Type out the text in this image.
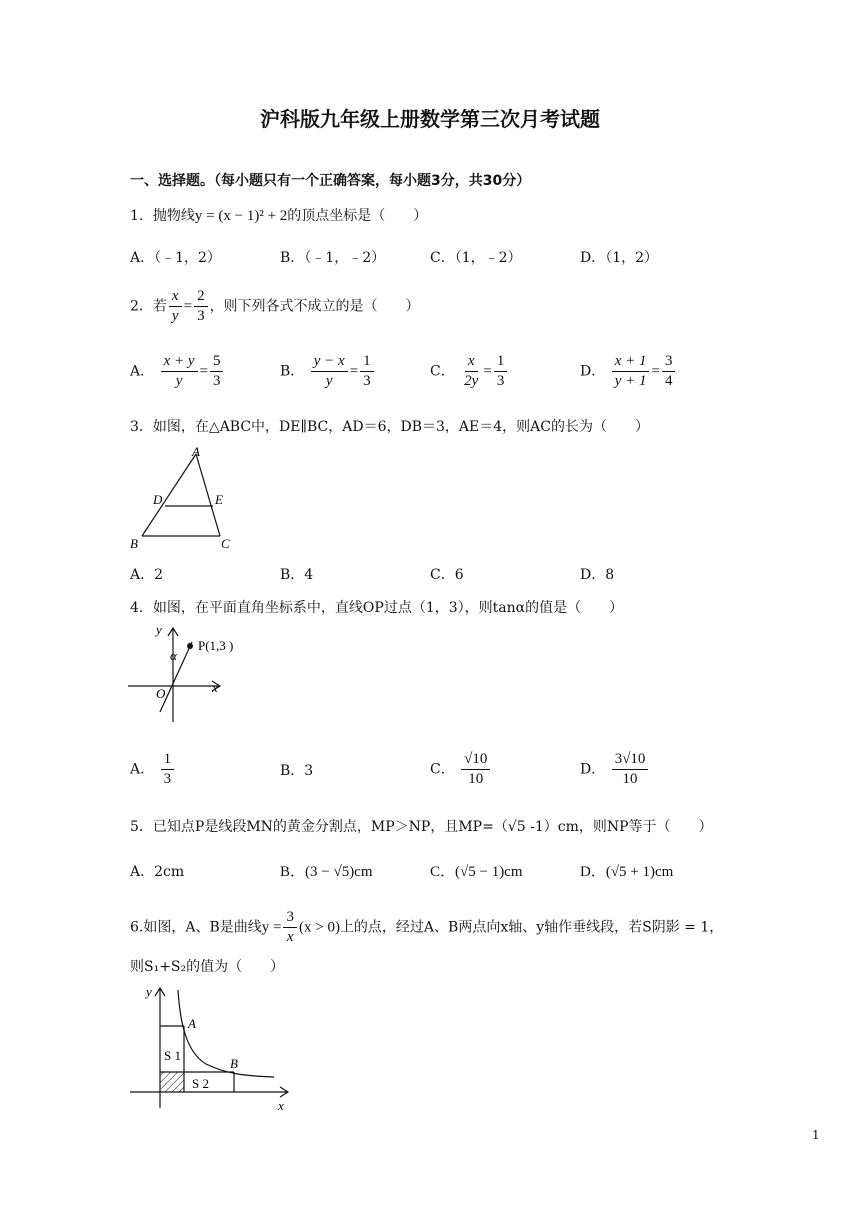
沪科版九年级上册数学第三次月考试题
一、选择题。（每小题只有一个正确答案，每小题3分，共30分）
1．抛物线y = (x − 1)² + 2的顶点坐标是（　　）
A．（﹣1，2）	B．（﹣1，﹣2）	C．（1，﹣2）	D．（1，2）
2．若 $\frac{x}{y} = \frac{2}{3}$ ，则下列各式不成立的是（　　）
A． $\frac{x + y}{y} = \frac{5}{3}$	B． $\frac{y - x}{y} = \frac{1}{3}$	C． $\frac{x}{2y} = \frac{1}{3}$	D． $\frac{x + 1}{y + 1} = \frac{3}{4}$
3．如图，在△ABC中，DE∥BC，AD＝6，DB＝3，AE＝4，则AC的长为（　　）
A
D	E
B	C
A．2	B．4	C．6	D．8
4．如图，在平面直角坐标系中，直线OP过点（1，3），则tanα的值是（　　）
y
x
O
α
P(1,3 )
A． $\frac{1}{3}$	B．3	C． $\frac{√10}{10}$	D． $\frac{3√10}{10}$
5．已知点P是线段MN的黄金分割点，MP＞NP，且MP=（√5 -1）cm，则NP等于（　　）
A．2cm	B．(3 − √5)cm	C．(√5 − 1)cm	D．(√5 + 1)cm
6.如图，A、B是曲线$y = \frac{3}{x} (x > 0)$上的点，经过A、B两点向x轴、y轴作垂线段，若S阴影 = 1，
则S₁+S₂的值为（　　）
y
x
A
B
S 1
S 2
1
